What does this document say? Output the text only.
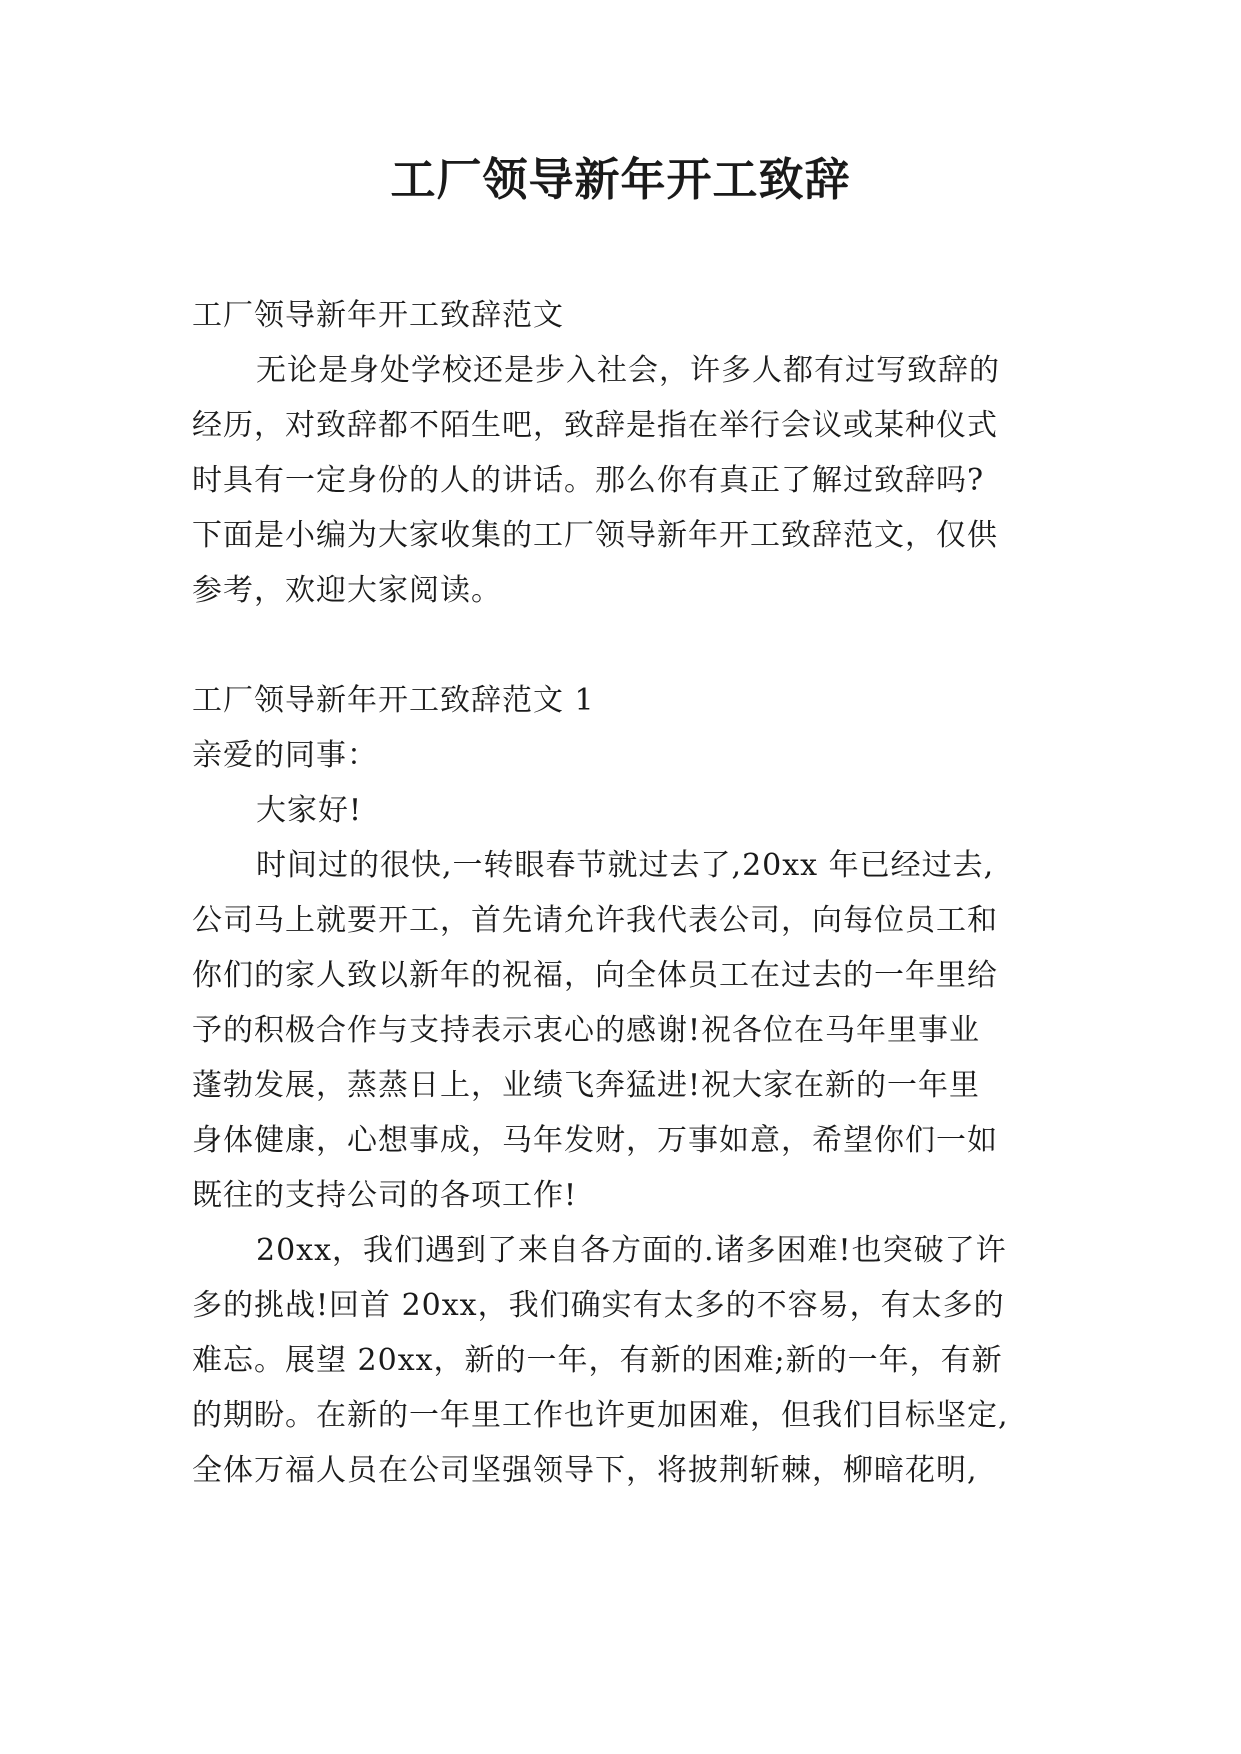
工厂领导新年开工致辞
工厂领导新年开工致辞范文
无论是身处学校还是步入社会，许多人都有过写致辞的
经历，对致辞都不陌生吧，致辞是指在举行会议或某种仪式
时具有一定身份的人的讲话。那么你有真正了解过致辞吗?
下面是小编为大家收集的工厂领导新年开工致辞范文，仅供
参考，欢迎大家阅读。
工厂领导新年开工致辞范文 1
亲爱的同事：
大家好!
时间过的很快,一转眼春节就过去了,20xx 年已经过去,
公司马上就要开工，首先请允许我代表公司，向每位员工和
你们的家人致以新年的祝福，向全体员工在过去的一年里给
予的积极合作与支持表示衷心的感谢!祝各位在马年里事业
蓬勃发展，蒸蒸日上，业绩飞奔猛进!祝大家在新的一年里
身体健康，心想事成，马年发财，万事如意，希望你们一如
既往的支持公司的各项工作!
20xx，我们遇到了来自各方面的.诸多困难!也突破了许
多的挑战!回首 20xx，我们确实有太多的不容易，有太多的
难忘。展望 20xx，新的一年，有新的困难;新的一年，有新
的期盼。在新的一年里工作也许更加困难，但我们目标坚定,
全体万福人员在公司坚强领导下，将披荆斩棘，柳暗花明,
